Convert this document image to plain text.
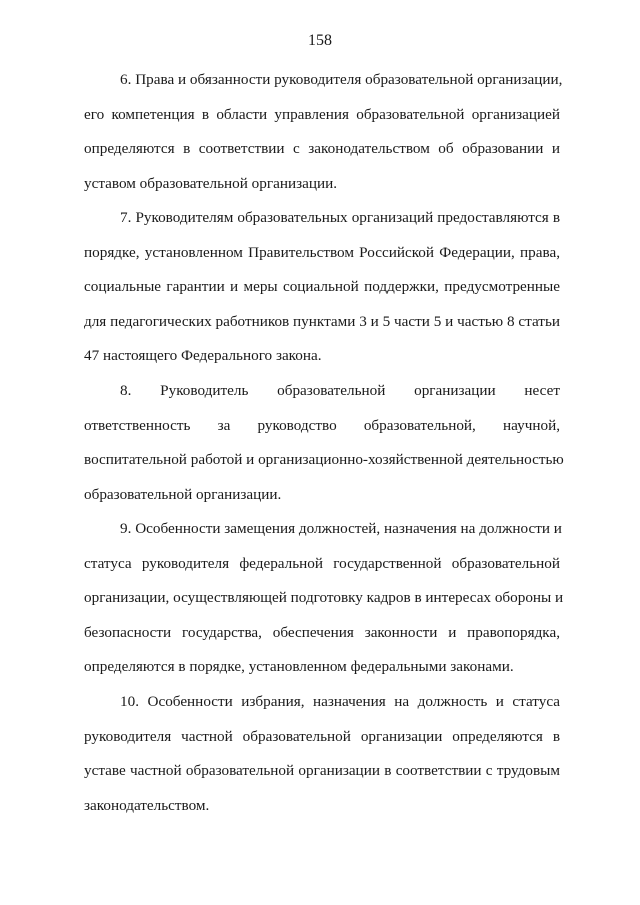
158
6. Права и обязанности руководителя образовательной организации,
его компетенция в области управления образовательной организацией
определяются в соответствии с законодательством об образовании и
уставом образовательной организации.
7. Руководителям образовательных организаций предоставляются в
порядке, установленном Правительством Российской Федерации, права,
социальные гарантии и меры социальной поддержки, предусмотренные
для педагогических работников пунктами 3 и 5 части 5 и частью 8 статьи
47 настоящего Федерального закона.
8. Руководитель образовательной организации несет
ответственность за руководство образовательной, научной,
воспитательной работой и организационно-хозяйственной деятельностью
образовательной организации.
9. Особенности замещения должностей, назначения на должности и
статуса руководителя федеральной государственной образовательной
организации, осуществляющей подготовку кадров в интересах обороны и
безопасности государства, обеспечения законности и правопорядка,
определяются в порядке, установленном федеральными законами.
10. Особенности избрания, назначения на должность и статуса
руководителя частной образовательной организации определяются в
уставе частной образовательной организации в соответствии с трудовым
законодательством.
